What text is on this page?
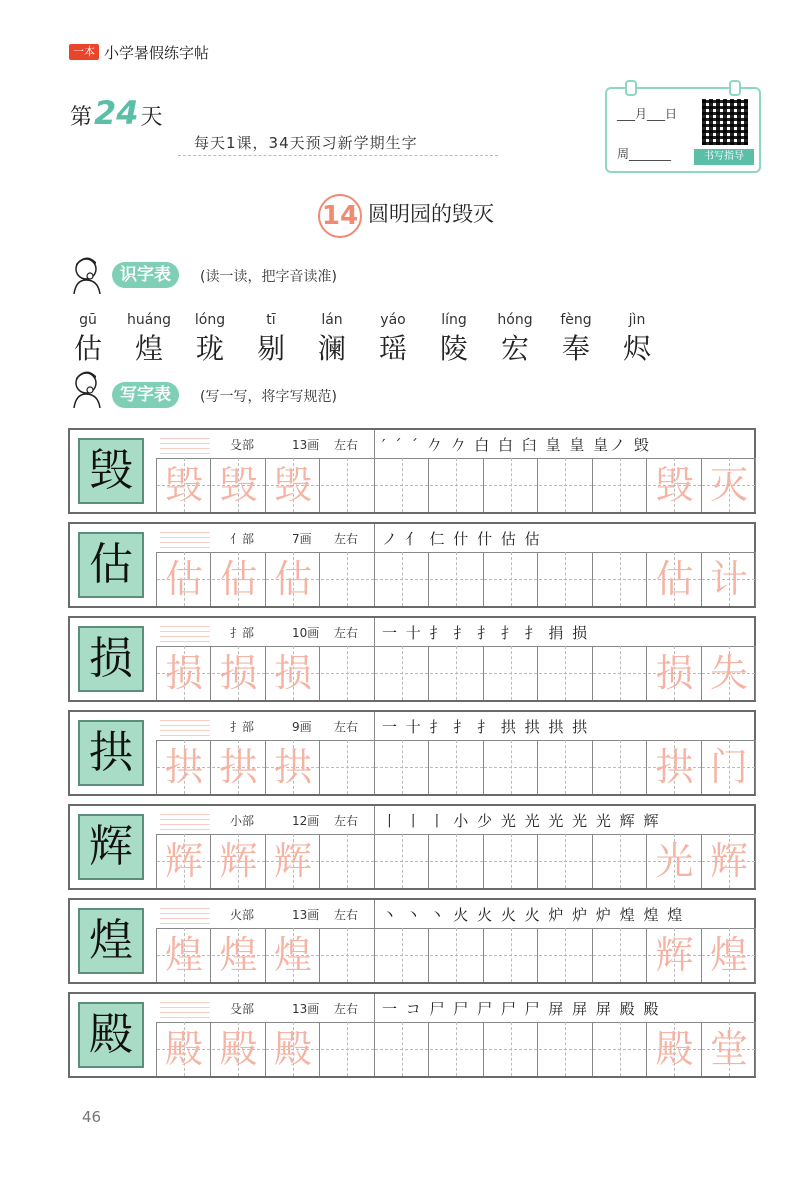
一本 小学暑假练字帖
第24天
每天1课，34天预习新学期生字
___月___日
周_______	书写指导
14 圆明园的毁灭
识字表	(读一读，把字音读准)
gū
估
huáng
煌
lóng
珑
tī
剔
lán
澜
yáo
瑶
líng
陵
hóng
宏
fèng
奉
jìn
烬
写字表	(写一写，将字写规范)
毁	殳部	13画 左右 ′ ´ ˊ 𠂊 𠂊 白 白 臼 皇 皇 皇ノ 毁
毁 毁 毁	毁 灭
估	亻部	7画 左右 ノ 亻 仁 什 什 估 估
估 估 估	估 计
损	扌部	10画 左右 一 十 扌 扌 扌 扌 扌 捐 损
损 损 损	损 失
拱	扌部	9画 左右 一 十 扌 扌 扌 拱 拱 拱 拱
拱 拱 拱	拱 门
辉	小部	12画 左右 丨 丨 丨 小 少 光 光 光 光 光 辉 辉
辉 辉 辉	光 辉
煌	火部	13画 左右 丶 丶 丶 火 火 火 火 炉 炉 炉 煌 煌 煌
煌 煌 煌	辉 煌
殿	殳部	13画 左右 一 コ 尸 尸 尸 尸 尸 屏 屏 屏 殿 殿
殿 殿 殿	殿 堂
46
